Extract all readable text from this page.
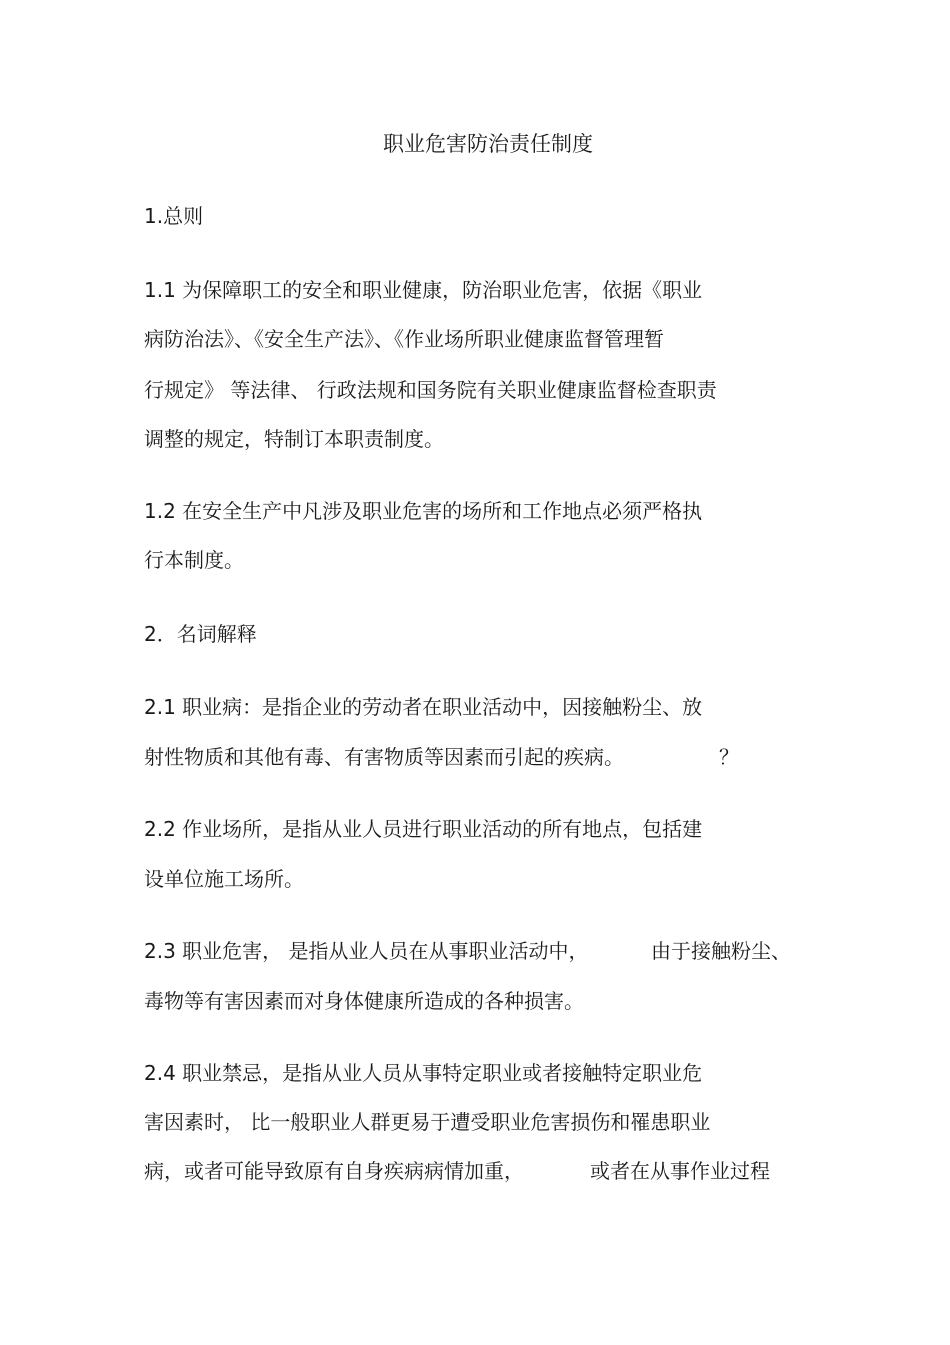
职业危害防治责任制度
1.总则
1.1 为保障职工的安全和职业健康，防治职业危害，依据《职业
病防治法》、《安全生产法》、《作业场所职业健康监督管理暂
行规定》 等法律、 行政法规和国务院有关职业健康监督检查职责
调整的规定，特制订本职责制度。
1.2 在安全生产中凡涉及职业危害的场所和工作地点必须严格执
行本制度。
2．名词解释
2.1 职业病：是指企业的劳动者在职业活动中，因接触粉尘、放
射性物质和其他有毒、有害物质等因素而引起的疾病。	？
2.2 作业场所，是指从业人员进行职业活动的所有地点，包括建
设单位施工场所。
2.3 职业危害， 是指从业人员在从事职业活动中，	由于接触粉尘、
毒物等有害因素而对身体健康所造成的各种损害。
2.4 职业禁忌，是指从业人员从事特定职业或者接触特定职业危
害因素时， 比一般职业人群更易于遭受职业危害损伤和罹患职业
病，或者可能导致原有自身疾病病情加重，	或者在从事作业过程
